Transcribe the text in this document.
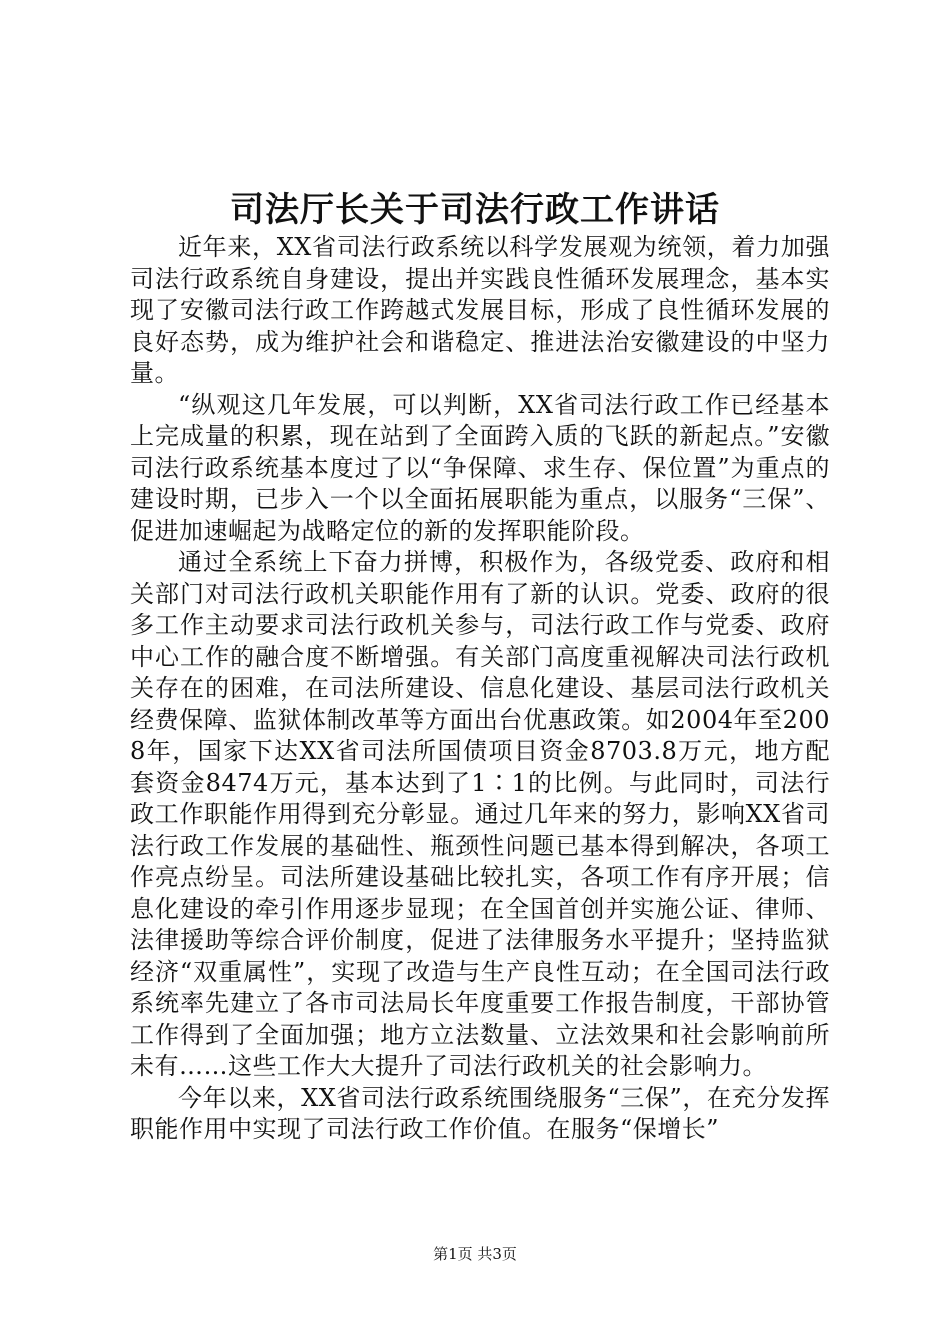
司法厅长关于司法行政工作讲话

近年来，XX省司法行政系统以科学发展观为统领，着力加强司法行政系统自身建设，提出并实践良性循环发展理念，基本实现了安徽司法行政工作跨越式发展目标，形成了良性循环发展的良好态势，成为维护社会和谐稳定、推进法治安徽建设的中坚力量。

“纵观这几年发展，可以判断，XX省司法行政工作已经基本上完成量的积累，现在站到了全面跨入质的飞跃的新起点。”安徽司法行政系统基本度过了以“争保障、求生存、保位置”为重点的建设时期，已步入一个以全面拓展职能为重点，以服务“三保”、促进加速崛起为战略定位的新的发挥职能阶段。

通过全系统上下奋力拼博，积极作为，各级党委、政府和相关部门对司法行政机关职能作用有了新的认识。党委、政府的很多工作主动要求司法行政机关参与，司法行政工作与党委、政府中心工作的融合度不断增强。有关部门高度重视解决司法行政机关存在的困难，在司法所建设、信息化建设、基层司法行政机关经费保障、监狱体制改革等方面出台优惠政策。如2004年至2008年，国家下达XX省司法所国债项目资金8703.8万元，地方配套资金8474万元，基本达到了1∶1的比例。与此同时，司法行政工作职能作用得到充分彰显。通过几年来的努力，影响XX省司法行政工作发展的基础性、瓶颈性问题已基本得到解决，各项工作亮点纷呈。司法所建设基础比较扎实，各项工作有序开展；信息化建设的牵引作用逐步显现；在全国首创并实施公证、律师、法律援助等综合评价制度，促进了法律服务水平提升；坚持监狱经济“双重属性”，实现了改造与生产良性互动；在全国司法行政系统率先建立了各市司法局长年度重要工作报告制度，干部协管工作得到了全面加强；地方立法数量、立法效果和社会影响前所未有……这些工作大大提升了司法行政机关的社会影响力。

今年以来，XX省司法行政系统围绕服务“三保”，在充分发挥职能作用中实现了司法行政工作价值。在服务“保增长”

第1页 共3页
